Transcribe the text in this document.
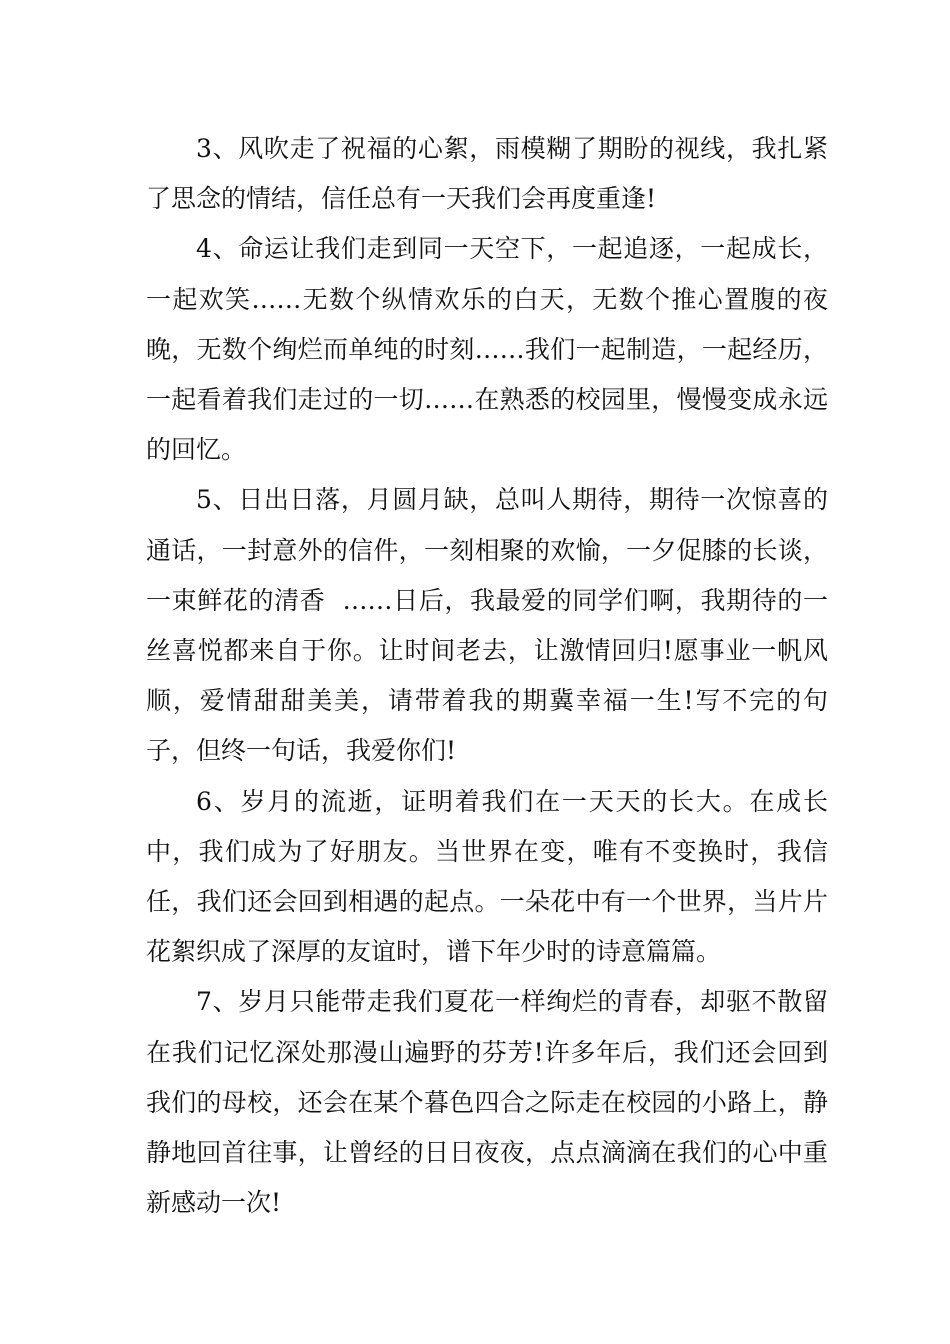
3、风吹走了祝福的心絮，雨模糊了期盼的视线，我扎紧了思念的情结，信任总有一天我们会再度重逢!

4、命运让我们走到同一天空下，一起追逐，一起成长，一起欢笑……无数个纵情欢乐的白天，无数个推心置腹的夜晚，无数个绚烂而单纯的时刻……我们一起制造，一起经历，一起看着我们走过的一切……在熟悉的校园里，慢慢变成永远的回忆。

5、日出日落，月圆月缺，总叫人期待，期待一次惊喜的通话，一封意外的信件，一刻相聚的欢愉，一夕促膝的长谈，一束鲜花的清香  ……日后，我最爱的同学们啊，我期待的一丝喜悦都来自于你。让时间老去，让激情回归!愿事业一帆风顺，爱情甜甜美美，请带着我的期冀幸福一生!写不完的句子，但终一句话，我爱你们!

6、岁月的流逝，证明着我们在一天天的长大。在成长中，我们成为了好朋友。当世界在变，唯有不变换时，我信任，我们还会回到相遇的起点。一朵花中有一个世界，当片片花絮织成了深厚的友谊时，谱下年少时的诗意篇篇。

7、岁月只能带走我们夏花一样绚烂的青春，却驱不散留在我们记忆深处那漫山遍野的芬芳!许多年后，我们还会回到我们的母校，还会在某个暮色四合之际走在校园的小路上，静静地回首往事，让曾经的日日夜夜，点点滴滴在我们的心中重新感动一次!
